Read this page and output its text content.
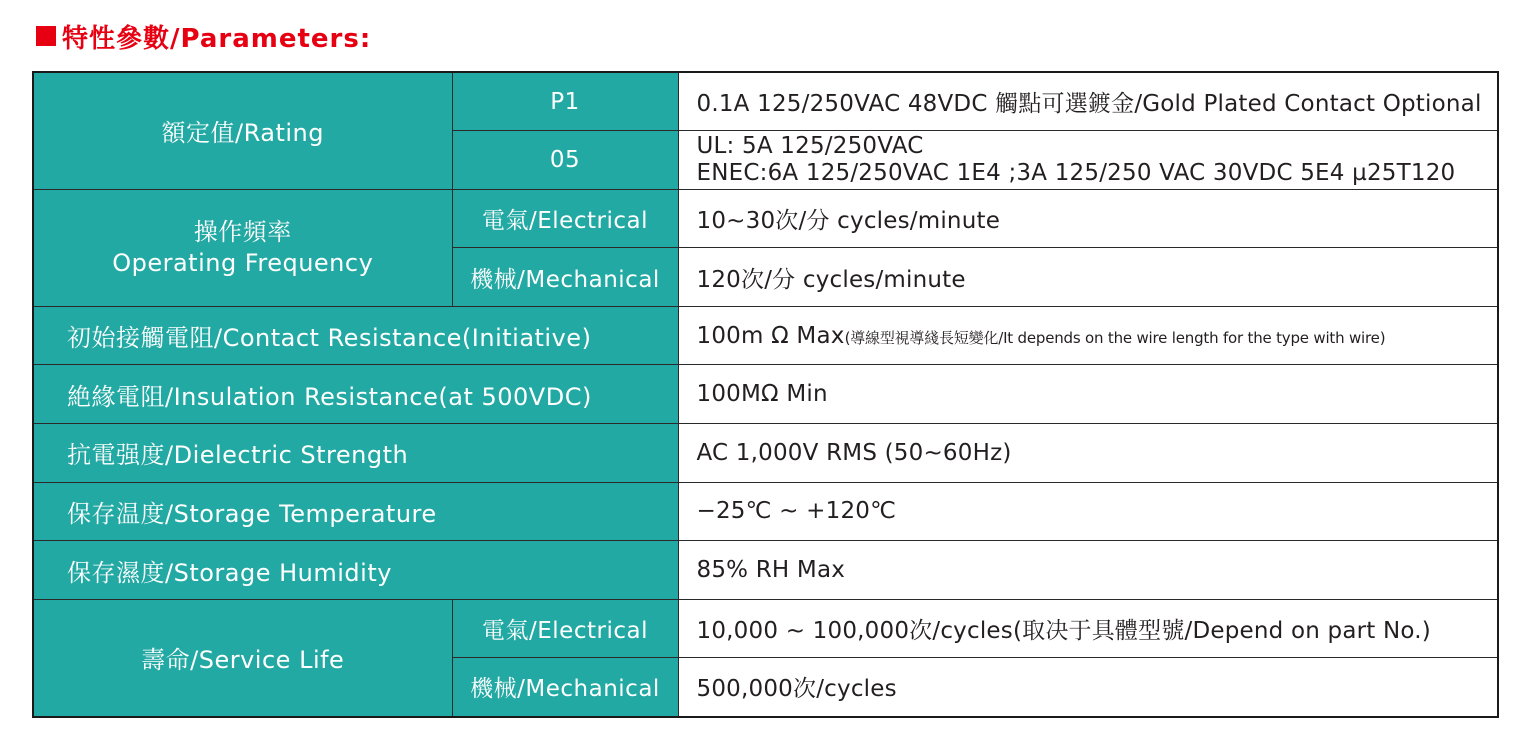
特性參數/Parameters:
額定值/Rating	P1	0.1A 125/250VAC 48VDC 觸點可選鍍金/Gold Plated Contact Optional
	05	UL: 5A 125/250VAC
ENEC:6A 125/250VAC 1E4 ;3A 125/250 VAC 30VDC 5E4 µ25T120

操作頻率
Operating Frequency	電氣/Electrical	10~30次/分 cycles/minute
	機械/Mechanical	120次/分 cycles/minute
初始接觸電阻/Contact Resistance(Initiative)		100m Ω Max(導線型視導綫長短變化/It depends on the wire length for the type with wire)
絶緣電阻/Insulation Resistance(at 500VDC)		100MΩ Min
抗電强度/Dielectric Strength		AC 1,000V RMS (50~60Hz)
保存温度/Storage Temperature		−25℃ ~ +120℃
保存濕度/Storage Humidity		85% RH Max
壽命/Service Life	電氣/Electrical	10,000 ~ 100,000次/cycles(取决于具體型號/Depend on part No.)
	機械/Mechanical	500,000次/cycles
